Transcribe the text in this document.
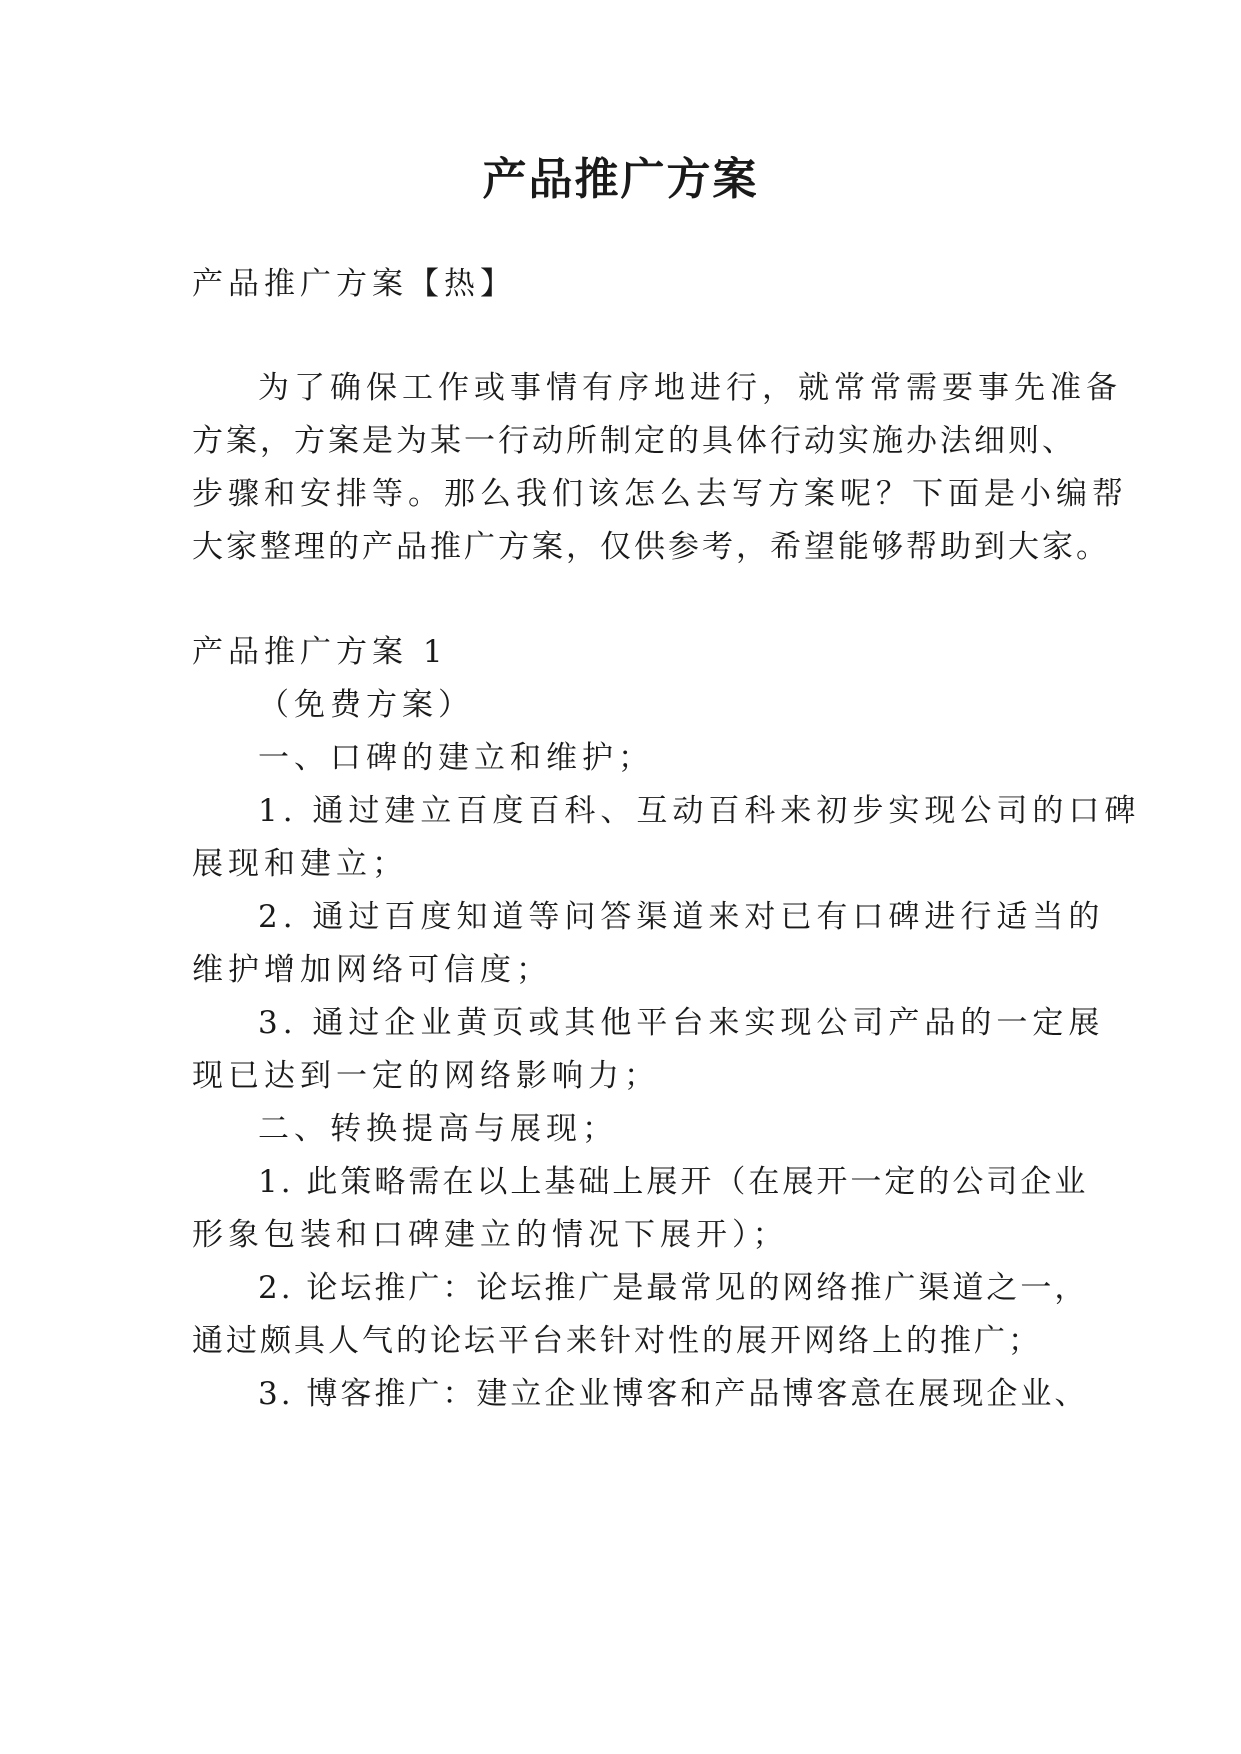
产品推广方案
产品推广方案【热】
为了确保工作或事情有序地进行，就常常需要事先准备
方案，方案是为某一行动所制定的具体行动实施办法细则、
步骤和安排等。那么我们该怎么去写方案呢？下面是小编帮
大家整理的产品推广方案，仅供参考，希望能够帮助到大家。
产品推广方案 1
（免费方案）
一、口碑的建立和维护；
1. 通过建立百度百科、互动百科来初步实现公司的口碑
展现和建立；
2. 通过百度知道等问答渠道来对已有口碑进行适当的
维护增加网络可信度；
3. 通过企业黄页或其他平台来实现公司产品的一定展
现已达到一定的网络影响力；
二、转换提高与展现；
1. 此策略需在以上基础上展开（在展开一定的公司企业
形象包装和口碑建立的情况下展开）；
2. 论坛推广：论坛推广是最常见的网络推广渠道之一，
通过颇具人气的论坛平台来针对性的展开网络上的推广；
3. 博客推广：建立企业博客和产品博客意在展现企业、
